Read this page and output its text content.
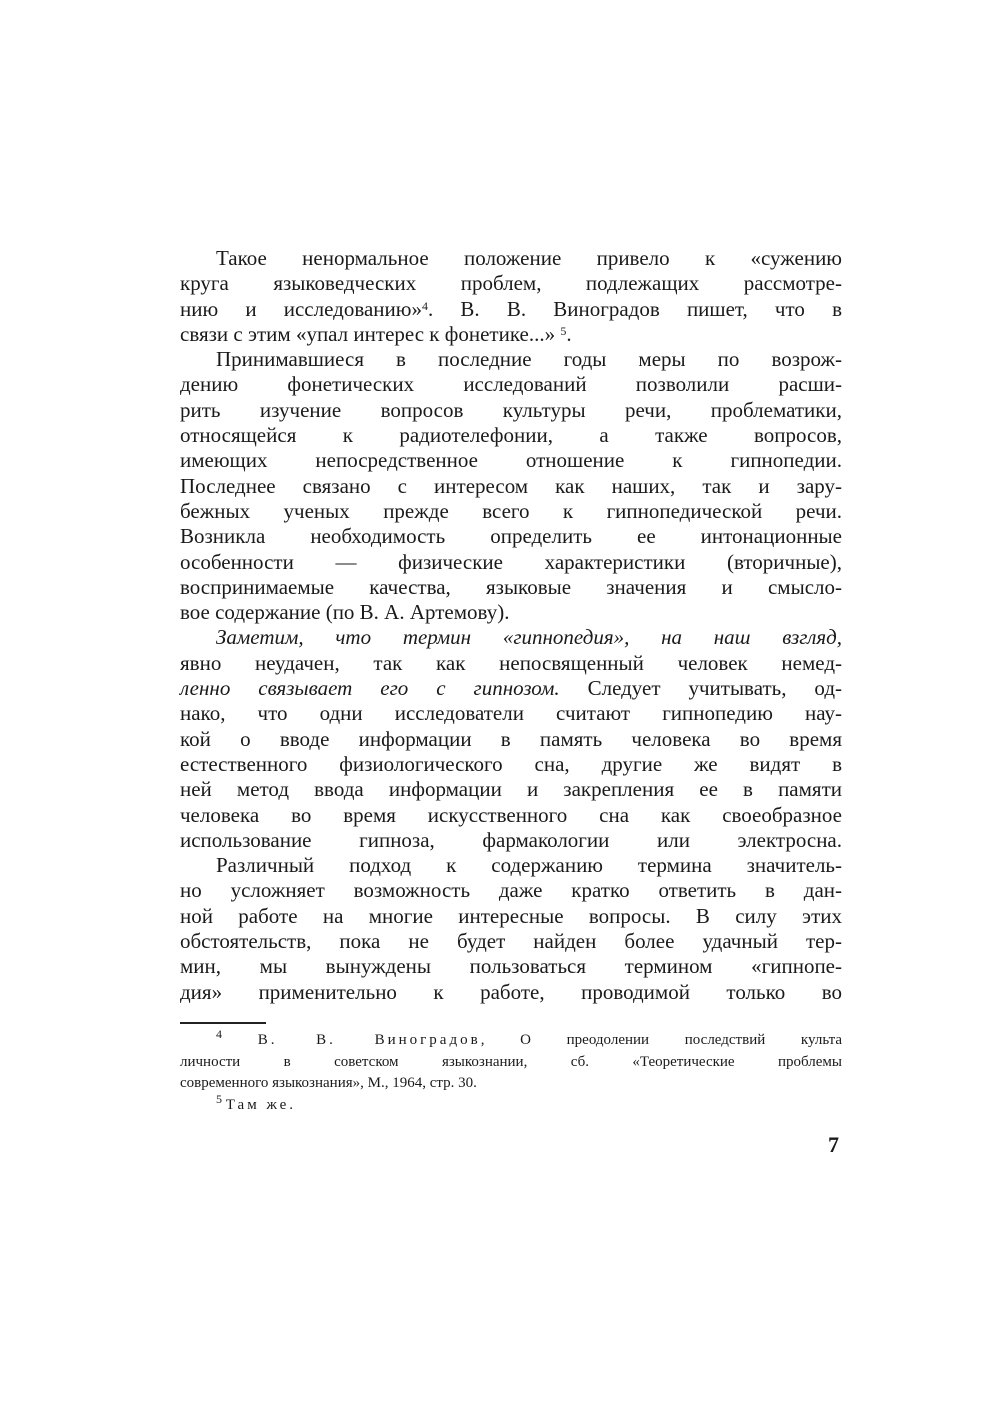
Такое ненормальное положение привело к «сужению
круга языковедческих проблем, подлежащих рассмотре-
нию и исследованию»$^4$. В. В. Виноградов пишет, что в
связи с этим «упал интерес к фонетике...» $^5$.
Принимавшиеся в последние годы меры по возрож-
дению фонетических исследований позволили расши-
рить изучение вопросов культуры речи, проблематики,
относящейся к радиотелефонии, а также вопросов,
имеющих непосредственное отношение к гипнопедии.
Последнее связано с интересом как наших, так и зару-
бежных ученых прежде всего к гипнопедической речи.
Возникла необходимость определить ее интонационные
особенности — физические характеристики (вторичные),
воспринимаемые качества, языковые значения и смысло-
вое содержание (по В. А. Артемову).
Заметим, что термин «гипнопедия», на наш взгляд,
явно неудачен, так как непосвященный человек немед-
ленно связывает его с гипнозом. Следует учитывать, од-
нако, что одни исследователи считают гипнопедию нау-
кой о вводе информации в память человека во время
естественного физиологического сна, другие же видят в
ней метод ввода информации и закрепления ее в памяти
человека во время искусственного сна как своеобразное
использование гипноза, фармакологии или электросна.
Различный подход к содержанию термина значитель-
но усложняет возможность даже кратко ответить в дан-
ной работе на многие интересные вопросы. В силу этих
обстоятельств, пока не будет найден более удачный тер-
мин, мы вынуждены пользоваться термином «гипнопе-
дия» применительно к работе, проводимой только во
$^4$ В. В. Виноградов, О преодолении последствий культа
личности в советском языкознании, сб. «Теоретические проблемы
современного языкознания», М., 1964, стр. 30.
$^5$ Там же.
7
